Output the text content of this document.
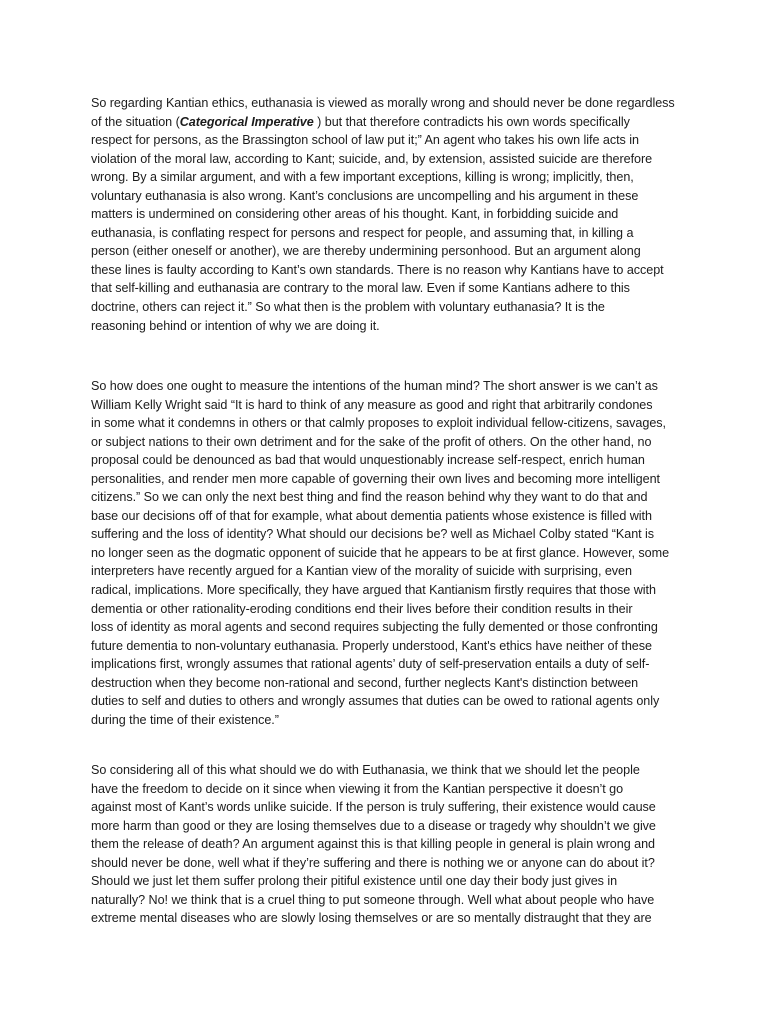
So regarding Kantian ethics, euthanasia is viewed as morally wrong and should never be done regardless
of the situation (Categorical Imperative ) but that therefore contradicts his own words specifically
respect for persons, as the Brassington school of law put it;” An agent who takes his own life acts in
violation of the moral law, according to Kant; suicide, and, by extension, assisted suicide are therefore
wrong. By a similar argument, and with a few important exceptions, killing is wrong; implicitly, then,
voluntary euthanasia is also wrong. Kant’s conclusions are uncompelling and his argument in these
matters is undermined on considering other areas of his thought. Kant, in forbidding suicide and
euthanasia, is conflating respect for persons and respect for people, and assuming that, in killing a
person (either oneself or another), we are thereby undermining personhood. But an argument along
these lines is faulty according to Kant’s own standards. There is no reason why Kantians have to accept
that self-killing and euthanasia are contrary to the moral law. Even if some Kantians adhere to this
doctrine, others can reject it.” So what then is the problem with voluntary euthanasia? It is the
reasoning behind or intention of why we are doing it.

So how does one ought to measure the intentions of the human mind? The short answer is we can’t as
William Kelly Wright said “It is hard to think of any measure as good and right that arbitrarily condones
in some what it condemns in others or that calmly proposes to exploit individual fellow-citizens, savages,
or subject nations to their own detriment and for the sake of the profit of others. On the other hand, no
proposal could be denounced as bad that would unquestionably increase self-respect, enrich human
personalities, and render men more capable of governing their own lives and becoming more intelligent
citizens.” So we can only the next best thing and find the reason behind why they want to do that and
base our decisions off of that for example, what about dementia patients whose existence is filled with
suffering and the loss of identity? What should our decisions be? well as Michael Colby stated “Kant is
no longer seen as the dogmatic opponent of suicide that he appears to be at first glance. However, some
interpreters have recently argued for a Kantian view of the morality of suicide with surprising, even
radical, implications. More specifically, they have argued that Kantianism firstly requires that those with
dementia or other rationality-eroding conditions end their lives before their condition results in their
loss of identity as moral agents and second requires subjecting the fully demented or those confronting
future dementia to non-voluntary euthanasia. Properly understood, Kant's ethics have neither of these
implications first, wrongly assumes that rational agents’ duty of self-preservation entails a duty of self-
destruction when they become non-rational and second, further neglects Kant's distinction between
duties to self and duties to others and wrongly assumes that duties can be owed to rational agents only
during the time of their existence.”

So considering all of this what should we do with Euthanasia, we think that we should let the people
have the freedom to decide on it since when viewing it from the Kantian perspective it doesn’t go
against most of Kant’s words unlike suicide. If the person is truly suffering, their existence would cause
more harm than good or they are losing themselves due to a disease or tragedy why shouldn’t we give
them the release of death? An argument against this is that killing people in general is plain wrong and
should never be done, well what if they’re suffering and there is nothing we or anyone can do about it?
Should we just let them suffer prolong their pitiful existence until one day their body just gives in
naturally? No! we think that is a cruel thing to put someone through. Well what about people who have
extreme mental diseases who are slowly losing themselves or are so mentally distraught that they are
